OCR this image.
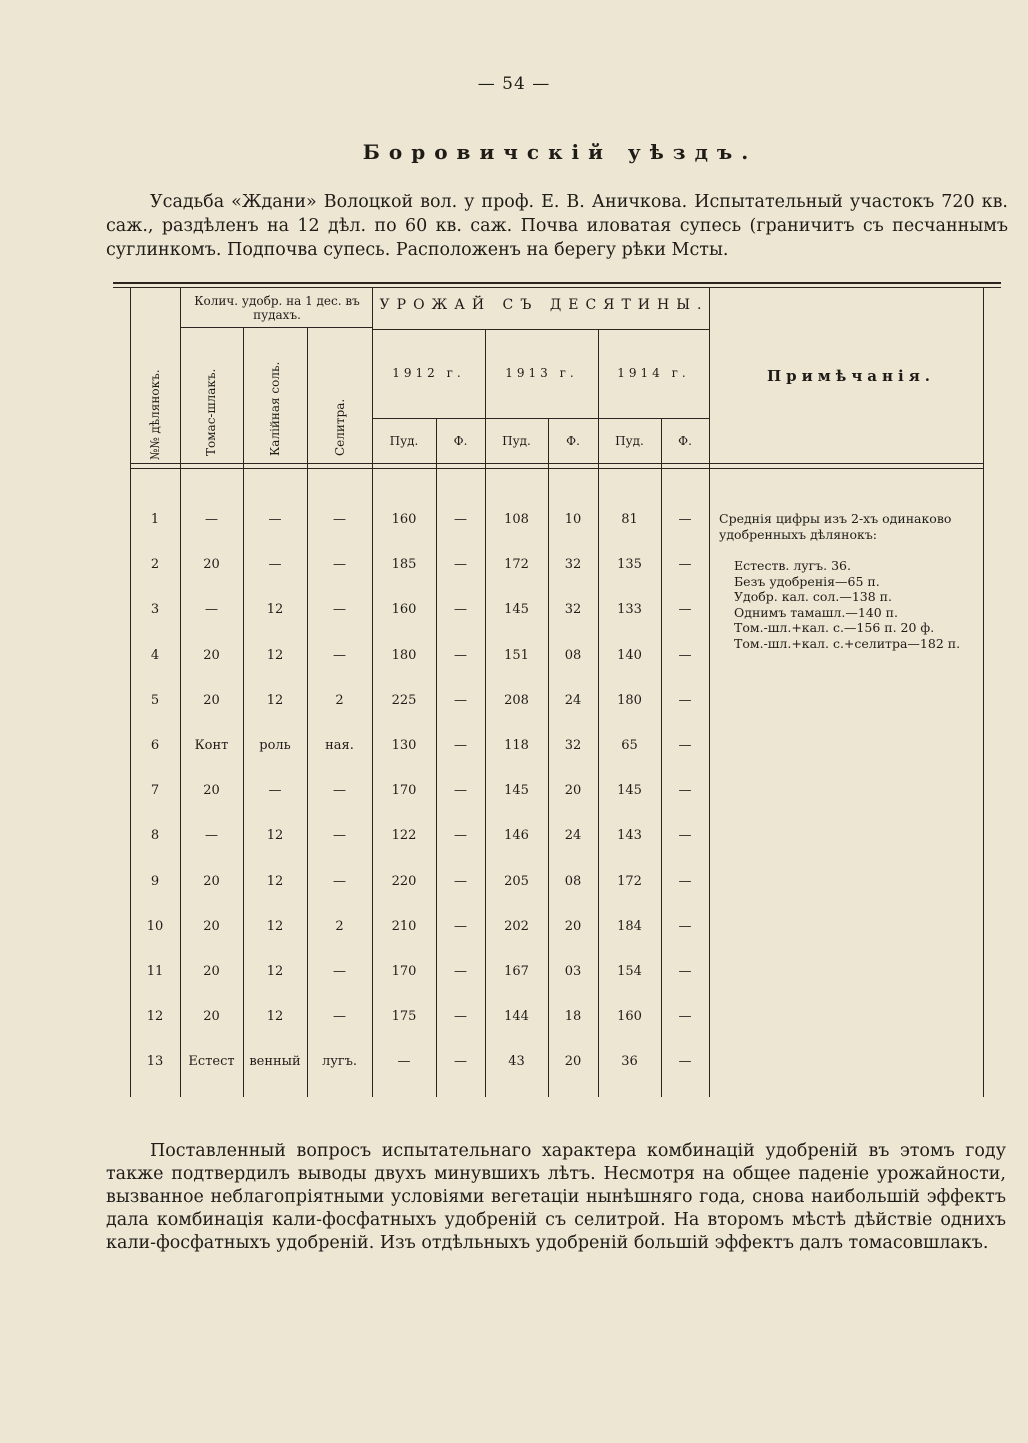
— 54 —
Боровичскій уѣздъ.
Усадьба «Ждани» Волоцкой вол. у проф. Е. В. Аничкова. Испытательный участокъ 720 кв. саж., раздѣленъ на 12 дѣл. по 60 кв. саж. Почва иловатая супесь (граничитъ съ песчаннымъ суглинкомъ. Подпочва супесь. Расположенъ на берегу рѣки Мсты.
№№ дѣлянокъ.
Колич. удобр. на 1 дес. въ пудахъ.
Томас-шлакъ.	Калійная соль.	Селитра.
УРОЖАЙ СЪ ДЕСЯТИНЫ.
1912 г.	1913 г.	1914 г.
Пуд.	Ф.	Пуд.	Ф.	Пуд.	Ф.
Примѣчанія.
1	—	—	—	160	—	108	10	81	—
2	20	—	—	185	—	172	32	135	—
3	—	12	—	160	—	145	32	133	—
4	20	12	—	180	—	151	08	140	—
5	20	12	2	225	—	208	24	180	—
6	Конт	роль	ная.	130	—	118	32	65	—
7	20	—	—	170	—	145	20	145	—
8	—	12	—	122	—	146	24	143	—
9	20	12	—	220	—	205	08	172	—
10	20	12	2	210	—	202	20	184	—
11	20	12	—	170	—	167	03	154	—
12	20	12	—	175	—	144	18	160	—
13	Естест	венный	лугъ.	—	—	43	20	36	—
Среднія цифры изъ 2-хъ одинаково удобренныхъ дѣлянокъ:
Естеств. лугъ. 36.
Безъ удобренія—65 п.
Удобр. кал. сол.—138 п.
Однимъ тамашл.—140 п.
Том.-шл.+кал. с.—156 п. 20 ф.
Том.-шл.+кал. с.+селитра—182 п.
Поставленный вопросъ испытательнаго характера комбинацій удобреній въ этомъ году также подтвердилъ выводы двухъ минувшихъ лѣтъ. Несмотря на общее паденіе урожайности, вызванное неблагопріятными условіями вегетаціи нынѣшняго года, снова наибольшій эффектъ дала комбинація кали-фосфатныхъ удобреній съ селитрой. На второмъ мѣстѣ дѣйствіе однихъ кали-фосфатныхъ удобреній. Изъ отдѣльныхъ удобреній большій эффектъ далъ томасовшлакъ.
